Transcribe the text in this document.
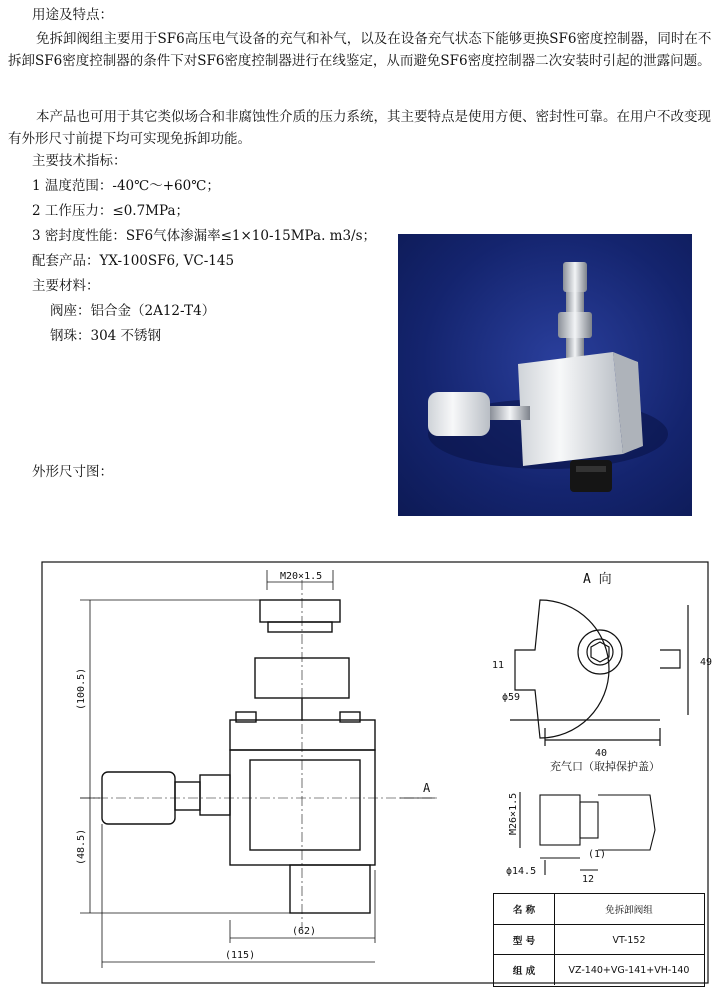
用途及特点：
免拆卸阀组主要用于SF6高压电气设备的充气和补气，以及在设备充气状态下能够更换SF6密度控制器，同时在不拆卸SF6密度控制器的条件下对SF6密度控制器进行在线鉴定，从而避免SF6密度控制器二次安装时引起的泄露问题。
本产品也可用于其它类似场合和非腐蚀性介质的压力系统，其主要特点是使用方便、密封性可靠。在用户不改变现有外形尺寸前提下均可实现免拆卸功能。
主要技术指标：
1 温度范围：-40℃～+60℃；
2 工作压力：≤0.7MPa；
3 密封度性能：SF6气体渗漏率≤1×10-15MPa. m3/s；
配套产品：YX-100SF6, VC-145
主要材料：
阀座：铝合金（2A12-T4）
钢珠：304 不锈钢
外形尺寸图：
M20×1.5
(100.5)
(48.5)
(62)
(115)
A
A 向
11	49
ϕ59
40
充气口（取掉保护盖）
M26×1.5
ϕ14.5
(1)
12
名 称	免拆卸阀组
型 号	VT-152
组 成	VZ-140+VG-141+VH-140
